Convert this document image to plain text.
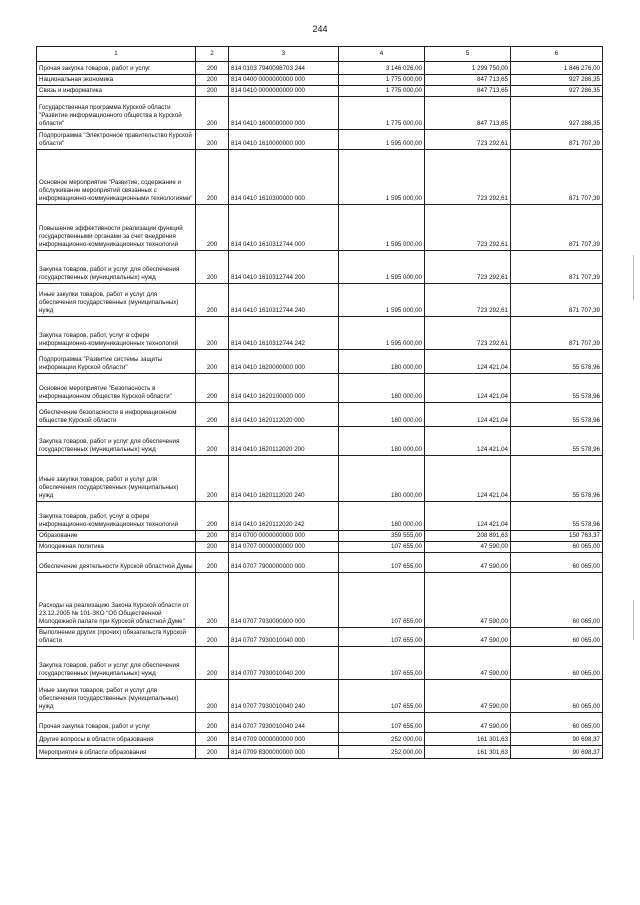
244
1	2	3	4	5	6
Прочая закупка товаров, работ и услуг	200	814 0103 7940098703 244	3 146 026,00	1 299 750,00	1 846 276,00
Национальная экономика	200	814 0400 0000000000 000	1 775 000,00	847 713,65	927 286,35
Связь и информатика	200	814 0410 0000000000 000	1 775 000,00	847 713,65	927 286,35
Государственная программа Курской области "Развитие информационного общества в Курской области"	200	814 0410 1600000000 000	1 775 000,00	847 713,65	927 286,35
Подпрограмма "Электронное правительство Курской области"	200	814 0410 1610000000 000	1 595 000,00	723 292,61	871 707,39
Основное мероприятие "Развитие, содержание и обслуживание мероприятий связанных с информационно-коммуникационными технологиями"	200	814 0410 1610300000 000	1 595 000,00	723 292,61	871 707,39
Повышение эффективности реализации функций государственными органами за счет внедрения информационно-коммуникационных технологий	200	814 0410 1610312744 000	1 595 000,00	723 292,61	871 707,39
Закупка товаров, работ и услуг для обеспечения государственных (муниципальных) нужд	200	814 0410 1610312744 200	1 595 000,00	723 292,61	871 707,39
Иные закупки товаров, работ и услуг для обеспечения государственных (муниципальных) нужд	200	814 0410 1610312744 240	1 595 000,00	723 292,61	871 707,39
Закупка товаров, работ, услуг в сфере информационно-коммуникационных технологий	200	814 0410 1610312744 242	1 595 000,00	723 292,61	871 707,39
Подпрограмма "Развитие системы защиты информации Курской области"	200	814 0410 1620000000 000	180 000,00	124 421,04	55 578,96
Основное мероприятие "Безопасность в информационном обществе Курской области"	200	814 0410 1620100000 000	180 000,00	124 421,04	55 578,96
Обеспечение безопасности в информационном обществе Курской области	200	814 0410 1620112020 000	180 000,00	124 421,04	55 578,96
Закупка товаров, работ и услуг для обеспечения государственных (муниципальных) нужд	200	814 0410 1620112020 200	180 000,00	124 421,04	55 578,96
Иные закупки товаров, работ и услуг для обеспечения государственных (муниципальных) нужд	200	814 0410 1620112020 240	180 000,00	124 421,04	55 578,96
Закупка товаров, работ, услуг в сфере информационно-коммуникационных технологий	200	814 0410 1620112020 242	180 000,00	124 421,04	55 578,96
Образование	200	814 0700 0000000000 000	359 555,00	208 891,63	150 763,37
Молодежная политика	200	814 0707 0000000000 000	107 655,00	47 590,00	60 065,00
Обеспечение деятельности Курской областной Думы	200	814 0707 7900000000 000	107 655,00	47 590,00	60 065,00
Расходы на реализацию Закона Курской области от 23.12.2005 № 101-ЗКО "Об Общественной Молодежной палате при Курской областной Думе"	200	814 0707 7930000000 000	107 655,00	47 590,00	60 065,00
Выполнение других (прочих) обязательств Курской области	200	814 0707 7930010040 000	107 655,00	47 590,00	60 065,00
Закупка товаров, работ и услуг для обеспечения государственных (муниципальных) нужд	200	814 0707 7930010040 200	107 655,00	47 590,00	60 065,00
Иные закупки товаров, работ и услуг для обеспечения государственных (муниципальных) нужд	200	814 0707 7930010040 240	107 655,00	47 590,00	60 065,00
Прочая закупка товаров, работ и услуг	200	814 0707 7930010040 244	107 655,00	47 590,00	60 065,00
Другие вопросы в области образования	200	814 0709 0000000000 000	252 000,00	161 301,63	90 698,37
Мероприятия в области образования	200	814 0709 8300000000 000	252 000,00	161 301,63	90 698,37
